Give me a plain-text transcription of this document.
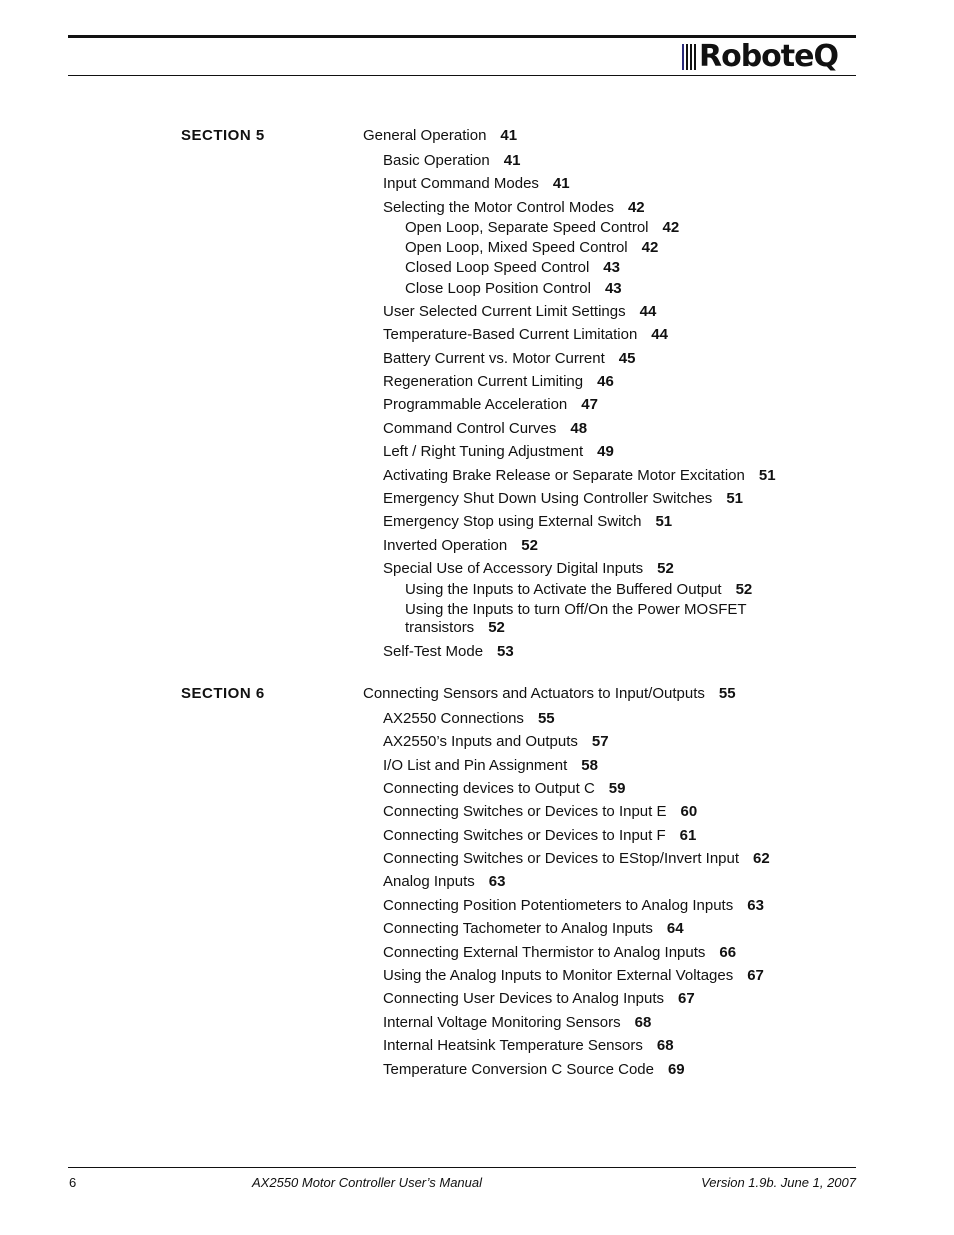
RoboteQ
SECTION 5	General Operation 41
Basic Operation 41
Input Command Modes 41
Selecting the Motor Control Modes 42
Open Loop, Separate Speed Control 42
Open Loop, Mixed Speed Control 42
Closed Loop Speed Control 43
Close Loop Position Control 43
User Selected Current Limit Settings 44
Temperature-Based Current Limitation 44
Battery Current vs. Motor Current 45
Regeneration Current Limiting 46
Programmable Acceleration 47
Command Control Curves 48
Left / Right Tuning Adjustment 49
Activating Brake Release or Separate Motor Excitation 51
Emergency Shut Down Using Controller Switches 51
Emergency Stop using External Switch 51
Inverted Operation 52
Special Use of Accessory Digital Inputs 52
Using the Inputs to Activate the Buffered Output 52
Using the Inputs to turn Off/On the Power MOSFET
transistors 52
Self-Test Mode 53
SECTION 6	Connecting Sensors and Actuators to Input/Outputs 55
AX2550 Connections 55
AX2550’s Inputs and Outputs 57
I/O List and Pin Assignment 58
Connecting devices to Output C 59
Connecting Switches or Devices to Input E 60
Connecting Switches or Devices to Input F 61
Connecting Switches or Devices to EStop/Invert Input 62
Analog Inputs 63
Connecting Position Potentiometers to Analog Inputs 63
Connecting Tachometer to Analog Inputs 64
Connecting External Thermistor to Analog Inputs 66
Using the Analog Inputs to Monitor External Voltages 67
Connecting User Devices to Analog Inputs 67
Internal Voltage Monitoring Sensors 68
Internal Heatsink Temperature Sensors 68
Temperature Conversion C Source Code 69
6	AX2550 Motor Controller User’s Manual	Version 1.9b. June 1, 2007
